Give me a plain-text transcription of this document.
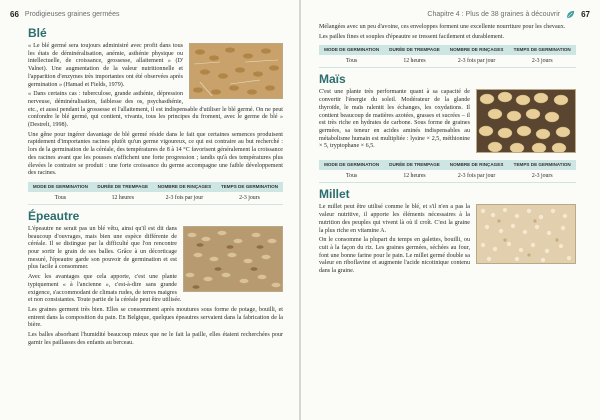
66 Prodigieuses graines germées
Blé

« Le blé germé sera toujours administré avec profit dans tous les états de déminéralisation, anémie, asthénie physique ou intellectuelle, de croissance, grossesse, allaitement » (D' Valnet). Une augmentation de la valeur nutritionnelle et l'apparition d'enzymes très importantes ont été observées après germination » (Hamad et Fields, 1979).

« Dans certains cas : tuberculose, grande asthénie, dépression nerveuse, déminéralisation, faiblesse des os, psychasthénie, etc., et aussi pendant la grossesse et l'allaitement, il est indispensable d'utiliser le blé germé. On ne peut confondre le blé germé, qui contient, vivants, tous les principes du froment, avec le germe de blé » (Destrelt, 1998).

Une gêne pour ingérer davantage de blé germé réside dans le fait que certaines semences produisent rapidement d'importantes racines plutôt qu'un germe vigoureux, ce qui est contraire au but recherché : lors de la germination de la céréale, des températures de 8 à 14 °C favorisent généralement la croissance des racines avant que les pousses n'affichent une forte progression ; tandis qu'à des températures plus élevées le contraire se produit : une forte croissance du germe accompagne une faible développement des racines.

MODE DE GERMINATION	DURÉE DE TREMPAGE	NOMBRE DE RINÇAGES	TEMPS DE GERMINATION
Tous	12 heures	2-3 fois par jour	2-3 jours
Épeautre

L'épeautre ne serait pas un blé vêtu, ainsi qu'il est dit dans beaucoup d'ouvrages, mais bien une espèce différente de céréale. Il se distingue par la difficulté que l'on rencontre pour sortir le grain de ses balles. Grâce à un décorticage mesuré, l'épeautre garde son pouvoir de germination et est plus facile à consommer.

Avec les avantages que cela apporte, c'est une plante typiquement « à l'ancienne », c'est-à-dire sans grande exigence, s'accommodant de climats rudes, de terres maigres et non consistantes. Toute partie de la céréale peut être utilisée.

Les graines germent très bien. Elles se consomment après moutures sous forme de potage, bouilli, et entrent dans la composition du pain. En Belgique, quelques épeautres servaient dans la fabrication de la bière.

Les balles absorbant l'humidité beaucoup mieux que ne le fait la paille, elles étaient recherchées pour garnir les paillasses des enfants au berceau.

Chapitre 4 : Plus de 38 graines à découvrir	67

Mélangées avec un peu d'avoine, ces enveloppes forment une excellente nourriture pour les chevaux.

Les pailles fines et souples d'épeautre se tressent facilement et durablement.

MODE DE GERMINATION	DURÉE DE TREMPAGE	NOMBRE DE RINÇAGES	TEMPS DE GERMINATION
Tous	12 heures	2-3 fois par jour	2-3 jours
Maïs

C'est une plante très performante quant à sa capacité de convertir l'énergie du soleil. Modérateur de la glande thyroïde, le maïs ralentit les échanges, les oxydations. Il contient beaucoup de matières azotées, grasses et sucrées – il est très riche en hydrates de carbone. Sous forme de graines germées, sa teneur en acides aminés indispensables au métabolisme humain est multipliée : lysine × 2,5, méthionine × 5, tryptophane × 6,5.

MODE DE GERMINATION	DURÉE DE TREMPAGE	NOMBRE DE RINÇAGES	TEMPS DE GERMINATION
Tous	12 heures	2-3 fois par jour	2-3 jours
Millet

Le millet peut être utilisé comme le blé, et s'il n'en a pas la valeur nutritive, il apporte les éléments nécessaires à la nutrition des peuples qui vivent là où il croît. C'est la graine la plus riche en vitamine A.

On le consomme la plupart du temps en galettes, bouilli, ou cuit à la façon du riz. Les graines germées, séchées au four, font une bonne farine pour le pain. Le millet germé double sa valeur en riboflavine et augmente l'acide nicotinique contenu dans la graine.
